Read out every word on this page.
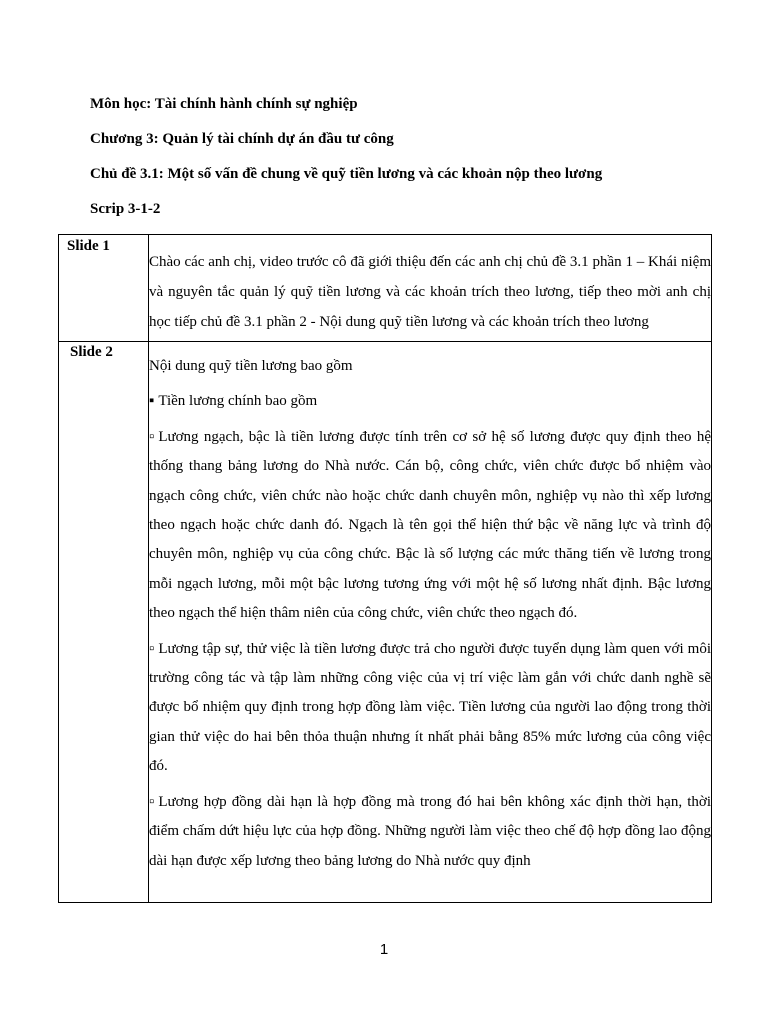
Môn học: Tài chính hành chính sự nghiệp
Chương 3: Quản lý tài chính dự án đầu tư công
Chủ đề 3.1: Một số vấn đề chung về quỹ tiền lương và các khoản nộp theo lương
Scrip 3-1-2
Slide 1	Chào các anh chị, video trước cô đã giới thiệu đến các anh chị chủ đề 3.1 phần 1 – Khái niệm và nguyên tắc quản lý quỹ tiền lương và các khoản trích theo lương, tiếp theo mời anh chị học tiếp chủ đề 3.1 phần 2 - Nội dung quỹ tiền lương và các khoản trích theo lương

Slide 2	Nội dung quỹ tiền lương bao gồm
▪ Tiền lương chính bao gồm
▫ Lương ngạch, bậc là tiền lương được tính trên cơ sở hệ số lương được quy định theo hệ thống thang bảng lương do Nhà nước. Cán bộ, công chức, viên chức được bổ nhiệm vào ngạch công chức, viên chức nào hoặc chức danh chuyên môn, nghiệp vụ nào thì xếp lương theo ngạch hoặc chức danh đó. Ngạch là tên gọi thể hiện thứ bậc về năng lực và trình độ chuyên môn, nghiệp vụ của công chức. Bậc là số lượng các mức thăng tiến về lương trong mỗi ngạch lương, mỗi một bậc lương tương ứng với một hệ số lương nhất định. Bậc lương theo ngạch thể hiện thâm niên của công chức, viên chức theo ngạch đó.
▫ Lương tập sự, thử việc là tiền lương được trả cho người được tuyển dụng làm quen với môi trường công tác và tập làm những công việc của vị trí việc làm gắn với chức danh nghề sẽ được bổ nhiệm quy định trong hợp đồng làm việc. Tiền lương của người lao động trong thời gian thử việc do hai bên thỏa thuận nhưng ít nhất phải bằng 85% mức lương của công việc đó.
▫ Lương hợp đồng dài hạn là hợp đồng mà trong đó hai bên không xác định thời hạn, thời điểm chấm dứt hiệu lực của hợp đồng. Những người làm việc theo chế độ hợp đồng lao động dài hạn được xếp lương theo bảng lương do Nhà nước quy định
1
